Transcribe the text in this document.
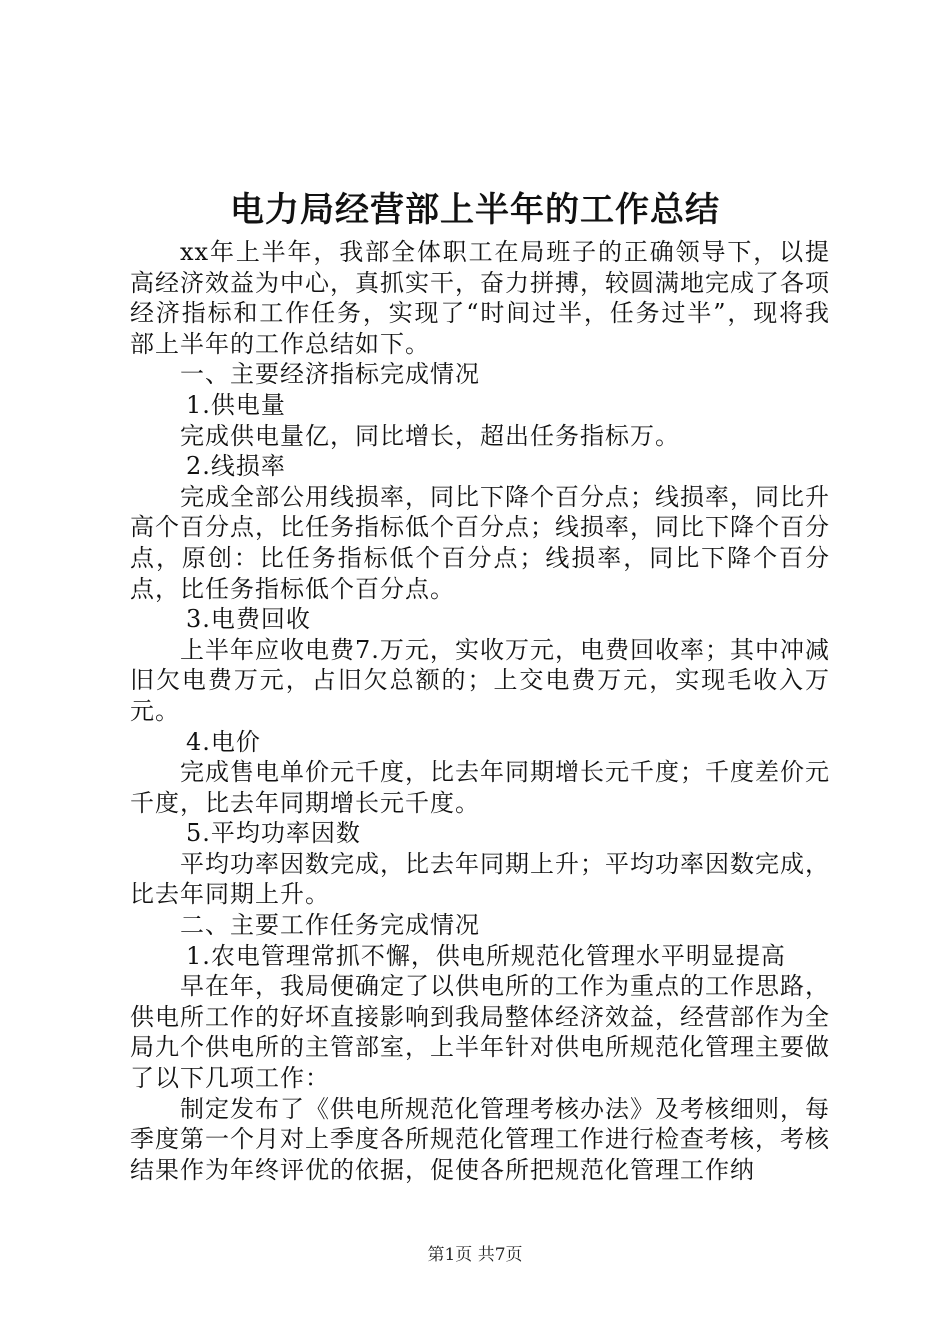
电力局经营部上半年的工作总结

xx年上半年，我部全体职工在局班子的正确领导下，以提高经济效益为中心，真抓实干，奋力拼搏，较圆满地完成了各项经济指标和工作任务，实现了“时间过半，任务过半”，现将我部上半年的工作总结如下。

一、主要经济指标完成情况

1.供电量

完成供电量亿，同比增长，超出任务指标万。

2.线损率

完成全部公用线损率，同比下降个百分点；线损率，同比升高个百分点，比任务指标低个百分点；线损率，同比下降个百分点，原创：比任务指标低个百分点；线损率，同比下降个百分点，比任务指标低个百分点。

3.电费回收

上半年应收电费7.万元，实收万元，电费回收率；其中冲减旧欠电费万元，占旧欠总额的；上交电费万元，实现毛收入万元。

4.电价

完成售电单价元千度，比去年同期增长元千度；千度差价元千度，比去年同期增长元千度。

5.平均功率因数

平均功率因数完成，比去年同期上升；平均功率因数完成，比去年同期上升。

二、主要工作任务完成情况

1.农电管理常抓不懈，供电所规范化管理水平明显提高

早在年，我局便确定了以供电所的工作为重点的工作思路，供电所工作的好坏直接影响到我局整体经济效益，经营部作为全局九个供电所的主管部室，上半年针对供电所规范化管理主要做了以下几项工作：

制定发布了《供电所规范化管理考核办法》及考核细则，每季度第一个月对上季度各所规范化管理工作进行检查考核，考核结果作为年终评优的依据，促使各所把规范化管理工作纳

第1页 共7页
